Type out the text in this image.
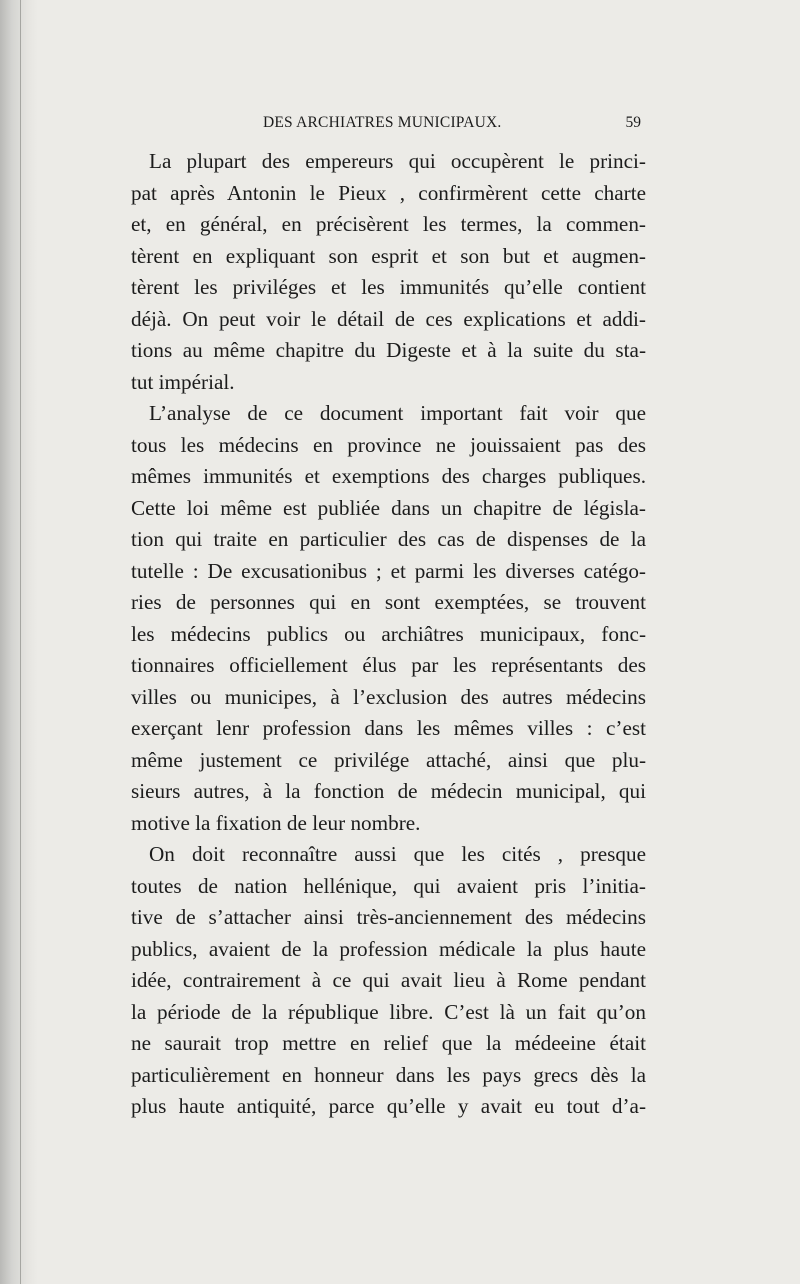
DES ARCHIATRES MUNICIPAUX.	59
La plupart des empereurs qui occupèrent le princi-
pat après Antonin le Pieux , confirmèrent cette charte
et, en général, en précisèrent les termes, la commen-
tèrent en expliquant son esprit et son but et augmen-
tèrent les priviléges et les immunités qu’elle contient
déjà. On peut voir le détail de ces explications et addi-
tions au même chapitre du Digeste et à la suite du sta-
tut impérial.
L’analyse de ce document important fait voir que
tous les médecins en province ne jouissaient pas des
mêmes immunités et exemptions des charges publiques.
Cette loi même est publiée dans un chapitre de législa-
tion qui traite en particulier des cas de dispenses de la
tutelle : De excusationibus ; et parmi les diverses catégo-
ries de personnes qui en sont exemptées, se trouvent
les médecins publics ou archiâtres municipaux, fonc-
tionnaires officiellement élus par les représentants des
villes ou municipes, à l’exclusion des autres médecins
exerçant lenr profession dans les mêmes villes : c’est
même justement ce privilége attaché, ainsi que plu-
sieurs autres, à la fonction de médecin municipal, qui
motive la fixation de leur nombre.
On doit reconnaître aussi que les cités , presque
toutes de nation hellénique, qui avaient pris l’initia-
tive de s’attacher ainsi très-anciennement des médecins
publics, avaient de la profession médicale la plus haute
idée, contrairement à ce qui avait lieu à Rome pendant
la période de la république libre. C’est là un fait qu’on
ne saurait trop mettre en relief que la médeeine était
particulièrement en honneur dans les pays grecs dès la
plus haute antiquité, parce qu’elle y avait eu tout d’a-
